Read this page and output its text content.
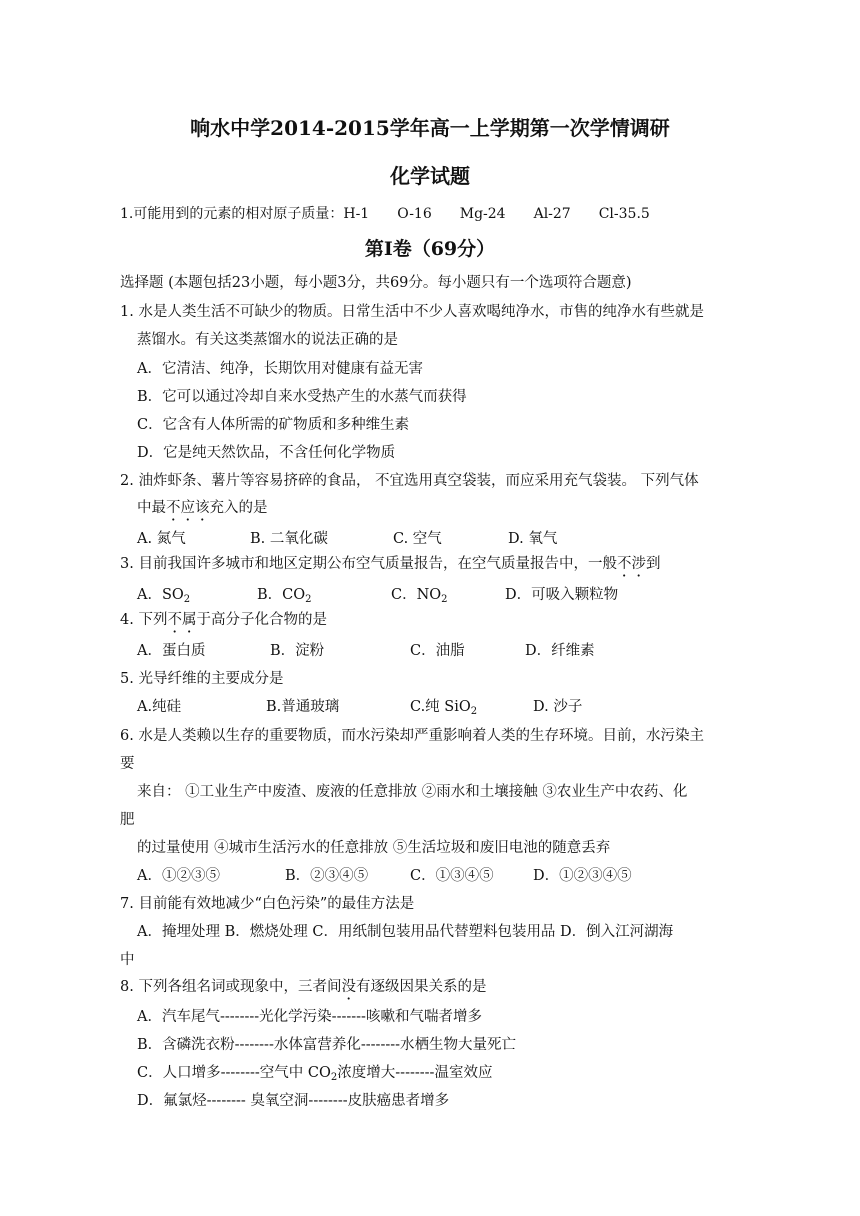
响水中学2014-2015学年高一上学期第一次学情调研
化学试题
1.可能用到的元素的相对原子质量：H-1　　O-16　　Mg-24　　Al-27　　Cl-35.5
第Ⅰ卷（69分）
选择题 (本题包括23小题，每小题3分，共69分。每小题只有一个选项符合题意)
1. 水是人类生活不可缺少的物质。日常生活中不少人喜欢喝纯净水，市售的纯净水有些就是
蒸馏水。有关这类蒸馏水的说法正确的是
A．它清洁、纯净，长期饮用对健康有益无害
B．它可以通过冷却自来水受热产生的水蒸气而获得
C．它含有人体所需的矿物质和多种维生素
D．它是纯天然饮品，不含任何化学物质
2. 油炸虾条、薯片等容易挤碎的食品， 不宜选用真空袋装，而应采用充气袋装。 下列气体
中最不应该充入的是
A. 氮气	B. 二氧化碳	C. 空气	D. 氧气
3. 目前我国许多城市和地区定期公布空气质量报告，在空气质量报告中，一般不涉到
A．$SO_2$	B．$CO_2$	C．$NO_2$	D．可吸入颗粒物
4. 下列不属于高分子化合物的是
A．蛋白质	B．淀粉	C．油脂	D．纤维素
5. 光导纤维的主要成分是
A.纯硅	B.普通玻璃	C.纯 SiO$_2$	D. 沙子
6. 水是人类赖以生存的重要物质，而水污染却严重影响着人类的生存环境。目前，水污染主
要
来自： ①工业生产中废渣、废液的任意排放 ②雨水和土壤接触 ③农业生产中农药、化
肥
的过量使用 ④城市生活污水的任意排放 ⑤生活垃圾和废旧电池的随意丢弃
A．①②③⑤	B．②③④⑤	C．①③④⑤	D．①②③④⑤
7. 目前能有效地减少“白色污染”的最佳方法是
A．掩埋处理 B．燃烧处理 C．用纸制包装用品代替塑料包装用品 D．倒入江河湖海
中
8. 下列各组名词或现象中，三者间没有逐级因果关系的是
A．汽车尾气--------光化学污染-------咳嗽和气喘者增多
B．含磷洗衣粉--------水体富营养化--------水栖生物大量死亡
C．人口增多--------空气中 $CO_2$浓度增大--------温室效应
D．氟氯烃-------- 臭氧空洞--------皮肤癌患者增多
